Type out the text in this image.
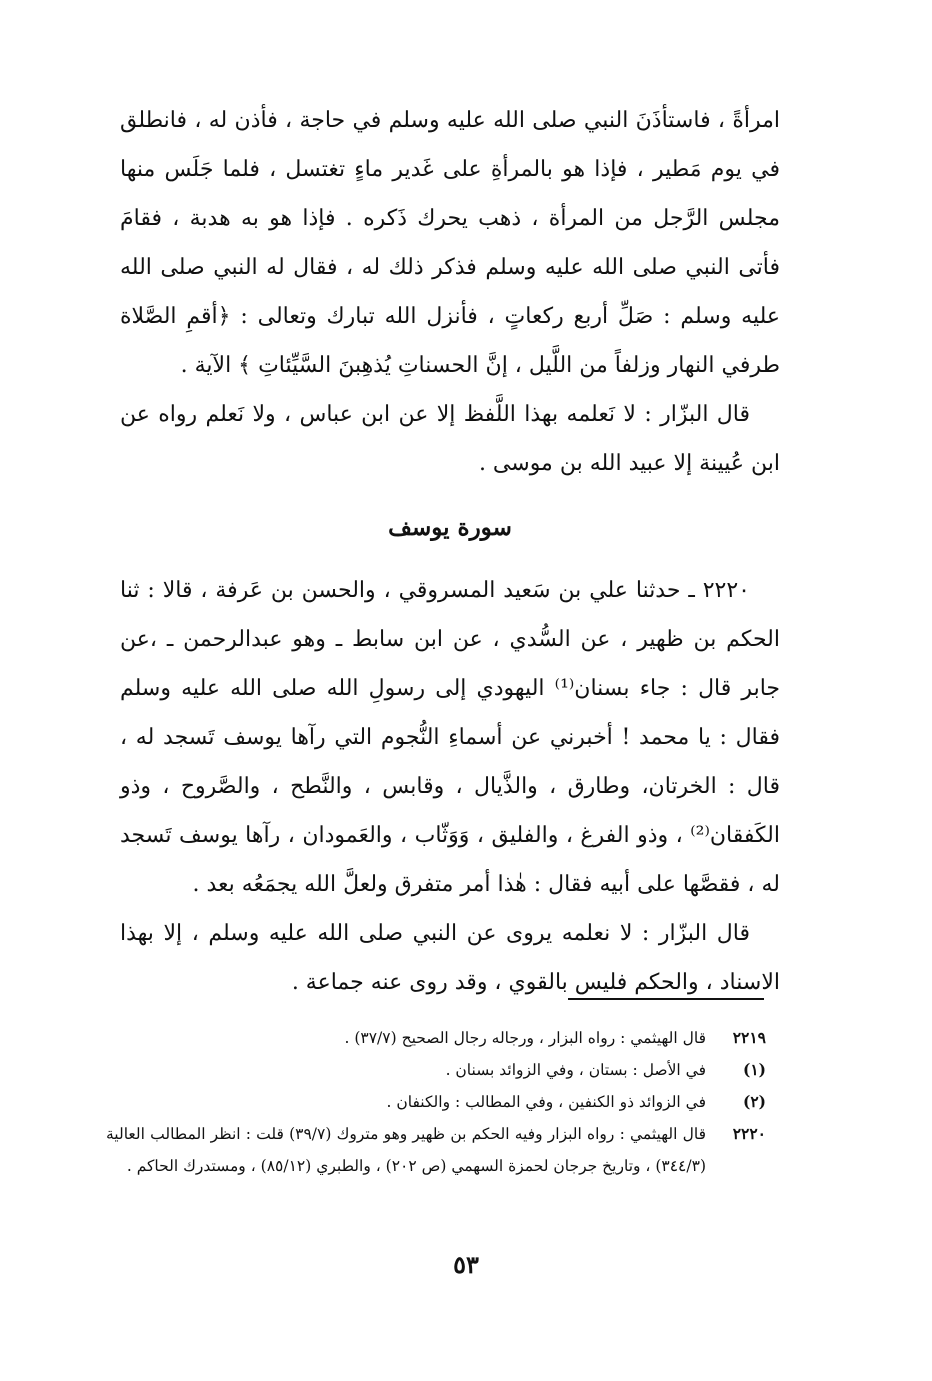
امرأةً ، فاستأذَنَ النبي صلى الله عليه وسلم في حاجة ، فأذن له ، فانطلق في يوم مَطير ، فإذا هو بالمرأةِ على غَدير ماءٍ تغتسل ، فلما جَلَس منها مجلس الرَّجل من المرأة ، ذهب يحرك ذَكره . فإذا هو به هدبة ، فقامَ فأتى النبي صلى الله عليه وسلم فذكر ذلك له ، فقال له النبي صلى الله عليه وسلم : صَلِّ أربع ركعاتٍ ، فأنزل الله تبارك وتعالى : ﴿أقمِ الصَّلاة طرفي النهار وزلفاً من اللَّيل ، إنَّ الحسناتِ يُذهِبنَ السَّيِّئاتِ ﴾ الآية .

قال البزّار : لا نَعلمه بهذا اللَّفظ إلا عن ابن عباس ، ولا نَعلم رواه عن ابن عُيينة إلا عبيد الله بن موسى .

سورة يوسف

٢٢٢٠ ـ حدثنا علي بن سَعيد المسروقي ، والحسن بن عَرفة ، قالا : ثنا الحكم بن ظهير ، عن السُّدي ، عن ابن سابط ـ وهو عبدالرحمن ـ ،عن جابر قال : جاء بسنان⁽¹⁾ اليهودي إلى رسولِ الله صلى الله عليه وسلم فقال : يا محمد ! أخبرني عن أسماءِ النُّجوم التي رآها يوسف تَسجد له ، قال : الخرتان، وطارق ، والذَّيال ، وقابس ، والنَّطح ، والصَّروح ، وذو الكَفقان⁽²⁾ ، وذو الفرغ ، والفليق ، وَوَثّاب ، والعَمودان ، رآها يوسف تَسجد له ، فقصَّها على أبيه فقال : هٰذا أمر متفرق ولعلَّ الله يجمَعُه بعد .

قال البزّار : لا نعلمه يروى عن النبي صلى الله عليه وسلم ، إلا بهذا الاسناد ، والحكم فليس بالقوي ، وقد روى عنه جماعة .

٢٢١٩
قال الهيثمي : رواه البزار ، ورجاله رجال الصحيح (٣٧/٧) .
(١)
في الأصل : بستان ، وفي الزوائد بسنان .
(٢)
في الزوائد ذو الكنفين ، وفي المطالب : والكنفان .
٢٢٢٠
قال الهيثمي : رواه البزار وفيه الحكم بن ظهير وهو متروك (٣٩/٧) قلت : انظر المطالب العالية (٣٤٤/٣) ، وتاريخ جرجان لحمزة السهمي (ص ٢٠٢) ، والطبري (٨٥/١٢) ، ومستدرك الحاكم .
٥٣
